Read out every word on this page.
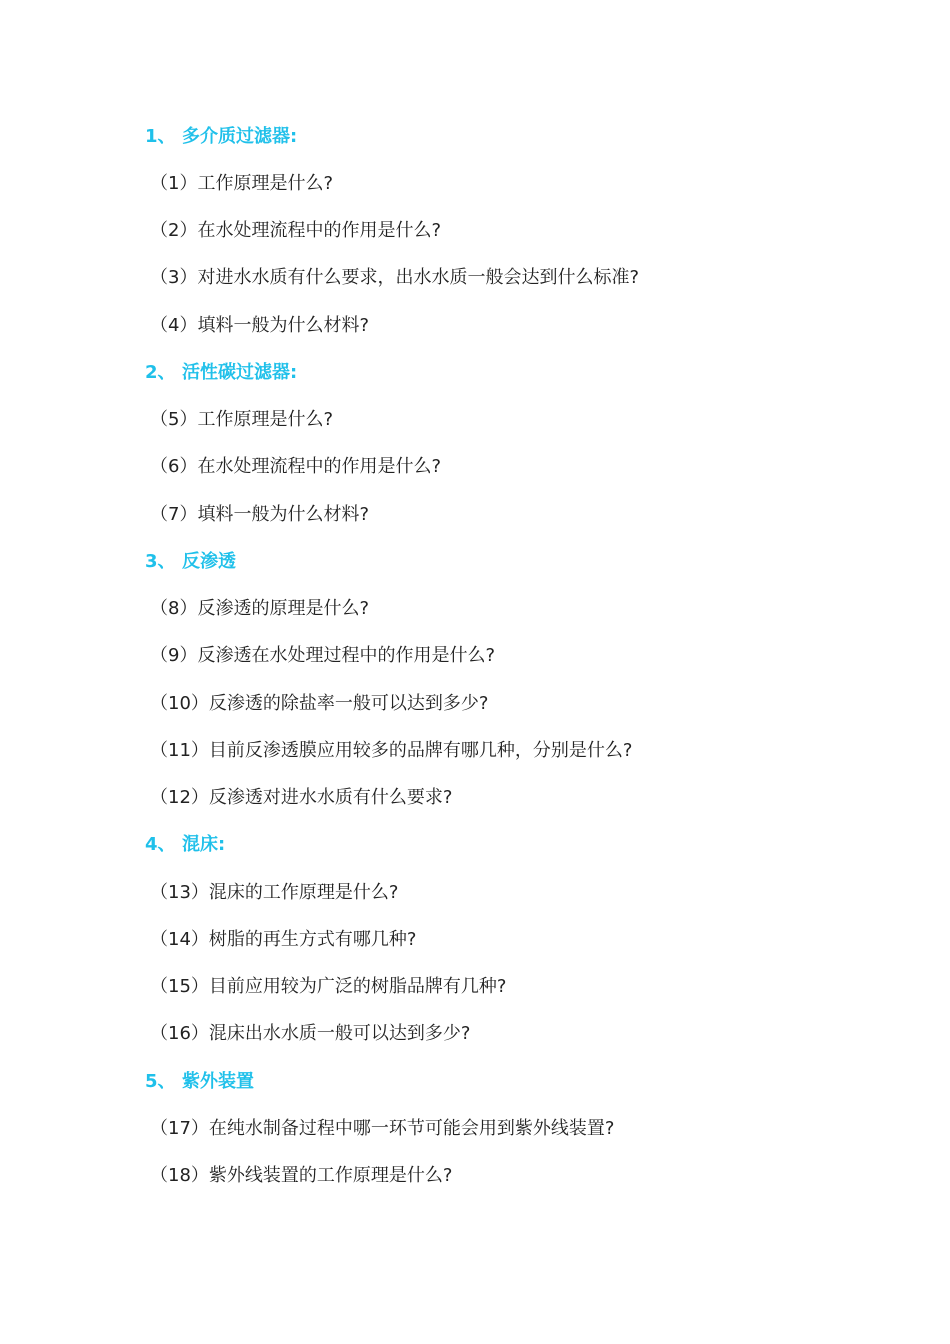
1、 多介质过滤器:
（1）工作原理是什么?
（2）在水处理流程中的作用是什么?
（3）对进水水质有什么要求，出水水质一般会达到什么标准?
（4）填料一般为什么材料?
2、 活性碳过滤器:
（5）工作原理是什么?
（6）在水处理流程中的作用是什么?
（7）填料一般为什么材料?
3、 反渗透
（8）反渗透的原理是什么?
（9）反渗透在水处理过程中的作用是什么?
（10）反渗透的除盐率一般可以达到多少?
（11）目前反渗透膜应用较多的品牌有哪几种，分别是什么?
（12）反渗透对进水水质有什么要求?
4、 混床:
（13）混床的工作原理是什么?
（14）树脂的再生方式有哪几种?
（15）目前应用较为广泛的树脂品牌有几种?
（16）混床出水水质一般可以达到多少?
5、 紫外装置
（17）在纯水制备过程中哪一环节可能会用到紫外线装置?
（18）紫外线装置的工作原理是什么?
